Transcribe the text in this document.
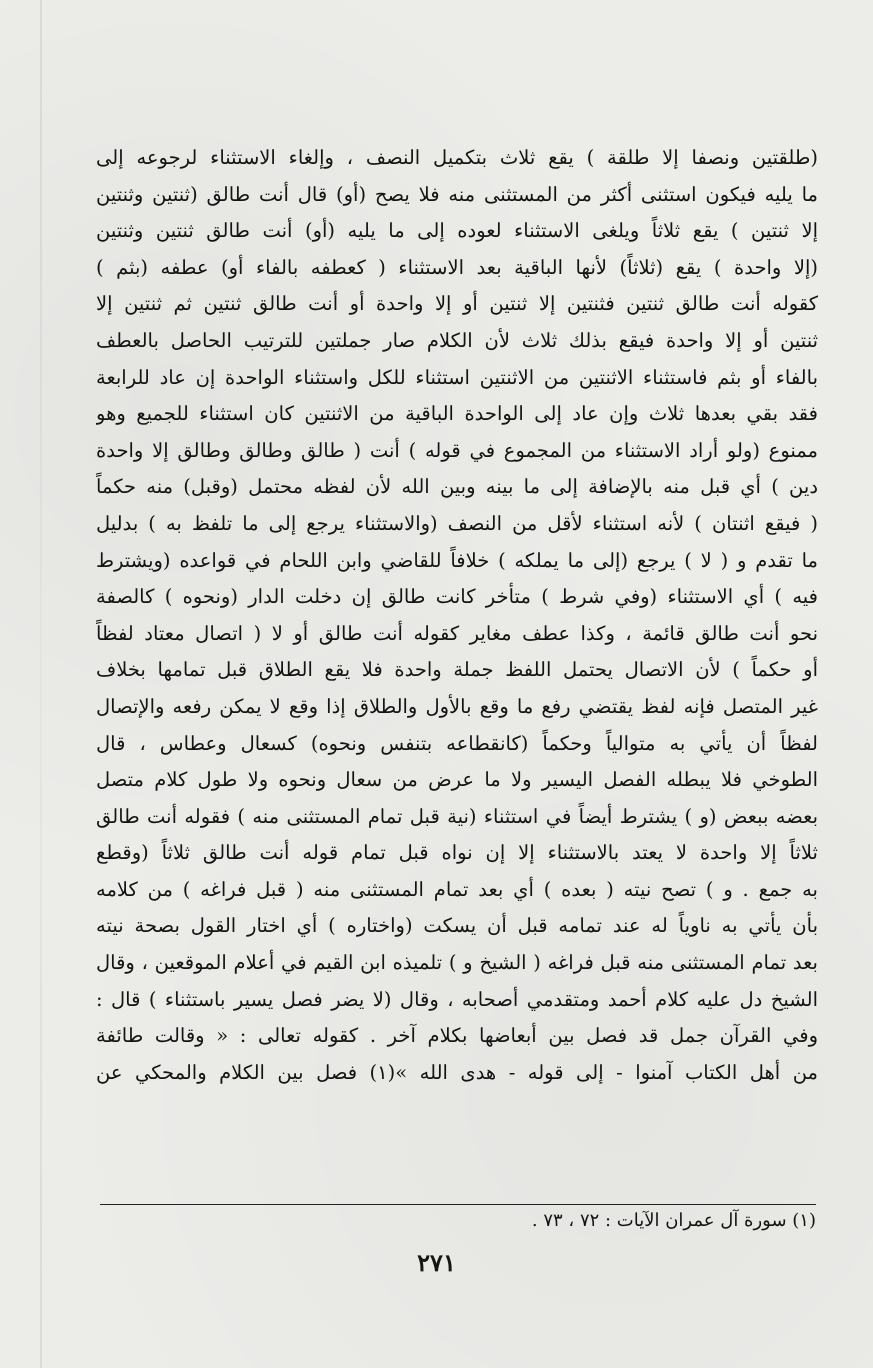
(طلقتين ونصفا إلا طلقة ) يقع ثلاث بتكميل النصف ، وإلغاء الاستثناء لرجوعه إلى
ما يليه فيكون استثنى أكثر من المستثنى منه فلا يصح (أو) قال أنت طالق (ثنتين وثنتين
إلا ثنتين ) يقع ثلاثاً ويلغى الاستثناء لعوده إلى ما يليه (أو) أنت طالق ثنتين وثنتين
(إلا واحدة ) يقع (ثلاثاً) لأنها الباقية بعد الاستثناء ( كعطفه بالفاء أو) عطفه (بثم )
كقوله أنت طالق ثنتين فثنتين إلا ثنتين أو إلا واحدة أو أنت طالق ثنتين ثم ثنتين إلا
ثنتين أو إلا واحدة فيقع بذلك ثلاث لأن الكلام صار جملتين للترتيب الحاصل بالعطف
بالفاء أو بثم فاستثناء الاثنتين من الاثنتين استثناء للكل واستثناء الواحدة إن عاد للرابعة
فقد بقي بعدها ثلاث وإن عاد إلى الواحدة الباقية من الاثنتين كان استثناء للجميع وهو
ممنوع (ولو أراد الاستثناء من المجموع في قوله ) أنت ( طالق وطالق وطالق إلا واحدة
دين ) أي قبل منه بالإضافة إلى ما بينه وبين الله لأن لفظه محتمل (وقبل) منه حكماً
( فيقع اثنتان ) لأنه استثناء لأقل من النصف (والاستثناء يرجع إلى ما تلفظ به ) بدليل
ما تقدم و ( لا ) يرجع (إلى ما يملكه ) خلافاً للقاضي وابن اللحام في قواعده (ويشترط
فيه ) أي الاستثناء (وفي شرط ) متأخر كانت طالق إن دخلت الدار (ونحوه ) كالصفة
نحو أنت طالق قائمة ، وكذا عطف مغاير كقوله أنت طالق أو لا ( اتصال معتاد لفظاً
أو حكماً ) لأن الاتصال يحتمل اللفظ جملة واحدة فلا يقع الطلاق قبل تمامها بخلاف
غير المتصل فإنه لفظ يقتضي رفع ما وقع بالأول والطلاق إذا وقع لا يمكن رفعه والإتصال
لفظاً أن يأتي به متوالياً وحكماً (كانقطاعه بتنفس ونحوه) كسعال وعطاس ، قال
الطوخي فلا يبطله الفصل اليسير ولا ما عرض من سعال ونحوه ولا طول كلام متصل
بعضه ببعض (و ) يشترط أيضاً في استثناء (نية قبل تمام المستثنى منه ) فقوله أنت طالق
ثلاثاً إلا واحدة لا يعتد بالاستثناء إلا إن نواه قبل تمام قوله أنت طالق ثلاثاً (وقطع
به جمع . و ) تصح نيته ( بعده ) أي بعد تمام المستثنى منه ( قبل فراغه ) من كلامه
بأن يأتي به ناوياً له عند تمامه قبل أن يسكت (واختاره ) أي اختار القول بصحة نيته
بعد تمام المستثنى منه قبل فراغه ( الشيخ و ) تلميذه ابن القيم في أعلام الموقعين ، وقال
الشيخ دل عليه كلام أحمد ومتقدمي أصحابه ، وقال (لا يضر فصل يسير باستثناء ) قال :
وفي القرآن جمل قد فصل بين أبعاضها بكلام آخر . كقوله تعالى : « وقالت طائفة
من أهل الكتاب آمنوا - إلى قوله - هدى الله »(١) فصل بين الكلام والمحكي عن
(١) سورة آل عمران الآيات : ٧٢ ، ٧٣ .
٢٧١
